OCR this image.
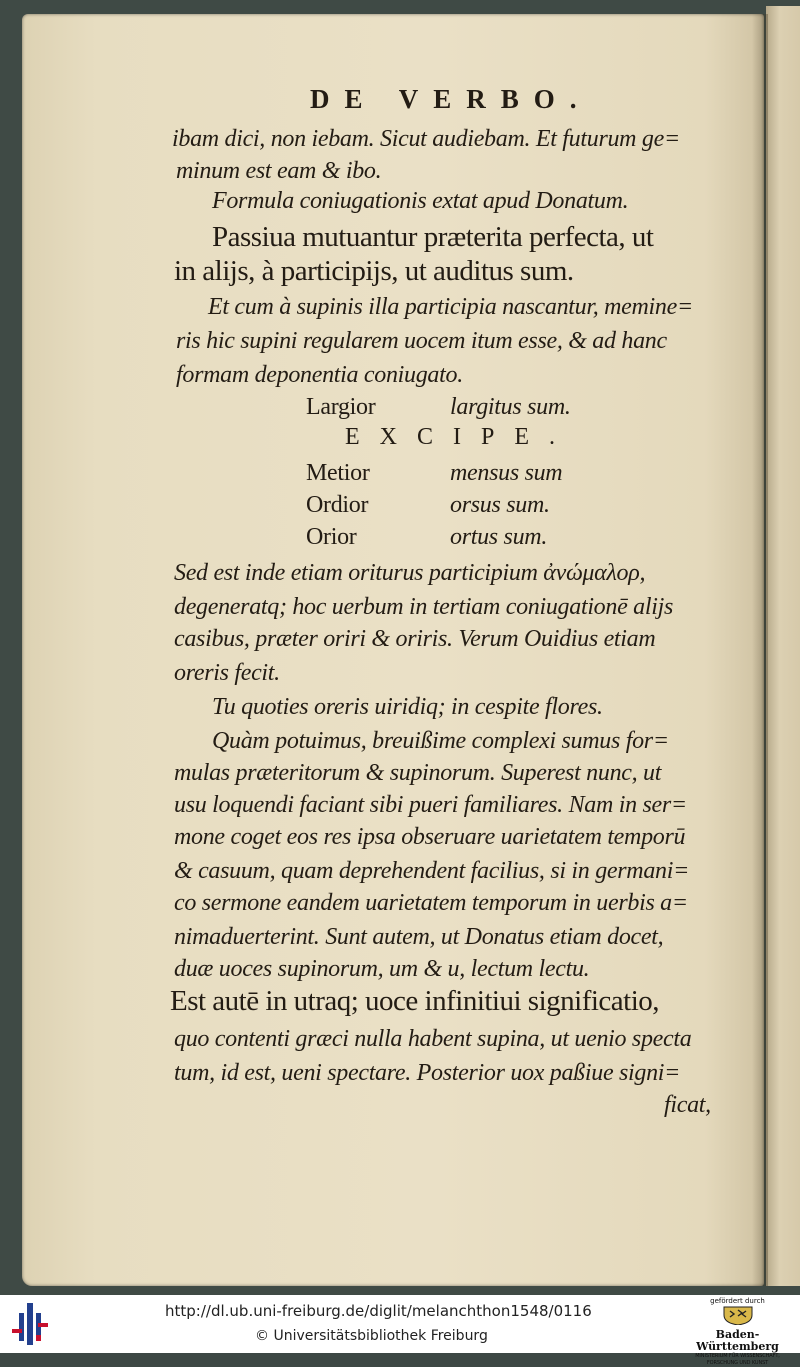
DE VERBO.
ibam dici, non iebam. Sicut audiebam. Et futurum ge=
minum est eam & ibo.
Formula coniugationis extat apud Donatum.
Passiua mutuantur præterita perfecta, ut
in alijs, à participijs, ut auditus sum.
Et cum à supinis illa participia nascantur, memine=
ris hic supini regularem uocem itum esse, & ad hanc
formam deponentia coniugato.
Largior	largitus sum.
EXCIPE.
Metior	mensus sum
Ordior	orsus sum.
Orior	ortus sum.
Sed est inde etiam oriturus participium ἀνώμαλορ,
degeneratq; hoc uerbum in tertiam coniugationē alijs
casibus, præter oriri & oriris. Verum Ouidius etiam
oreris fecit.
Tu quoties oreris uiridiq; in cespite flores.
Quàm potuimus, breuißime complexi sumus for=
mulas præteritorum & supinorum. Superest nunc, ut
usu loquendi faciant sibi pueri familiares. Nam in ser=
mone coget eos res ipsa obseruare uarietatem temporū
& casuum, quam deprehendent facilius, si in germani=
co sermone eandem uarietatem temporum in uerbis a=
nimaduerterint. Sunt autem, ut Donatus etiam docet,
duæ uoces supinorum, um & u, lectum lectu.
Est autē in utraq; uoce infinitiui significatio,
quo contenti græci nulla habent supina, ut uenio specta
tum, id est, ueni spectare. Posterior uox paßiue signi=
ficat,
http://dl.ub.uni-freiburg.de/diglit/melanchthon1548/0116
© Universitätsbibliothek Freiburg
gefördert durch
Baden-Württemberg
MINISTERIUM FÜR WISSENSCHAFT, FORSCHUNG UND KUNST
